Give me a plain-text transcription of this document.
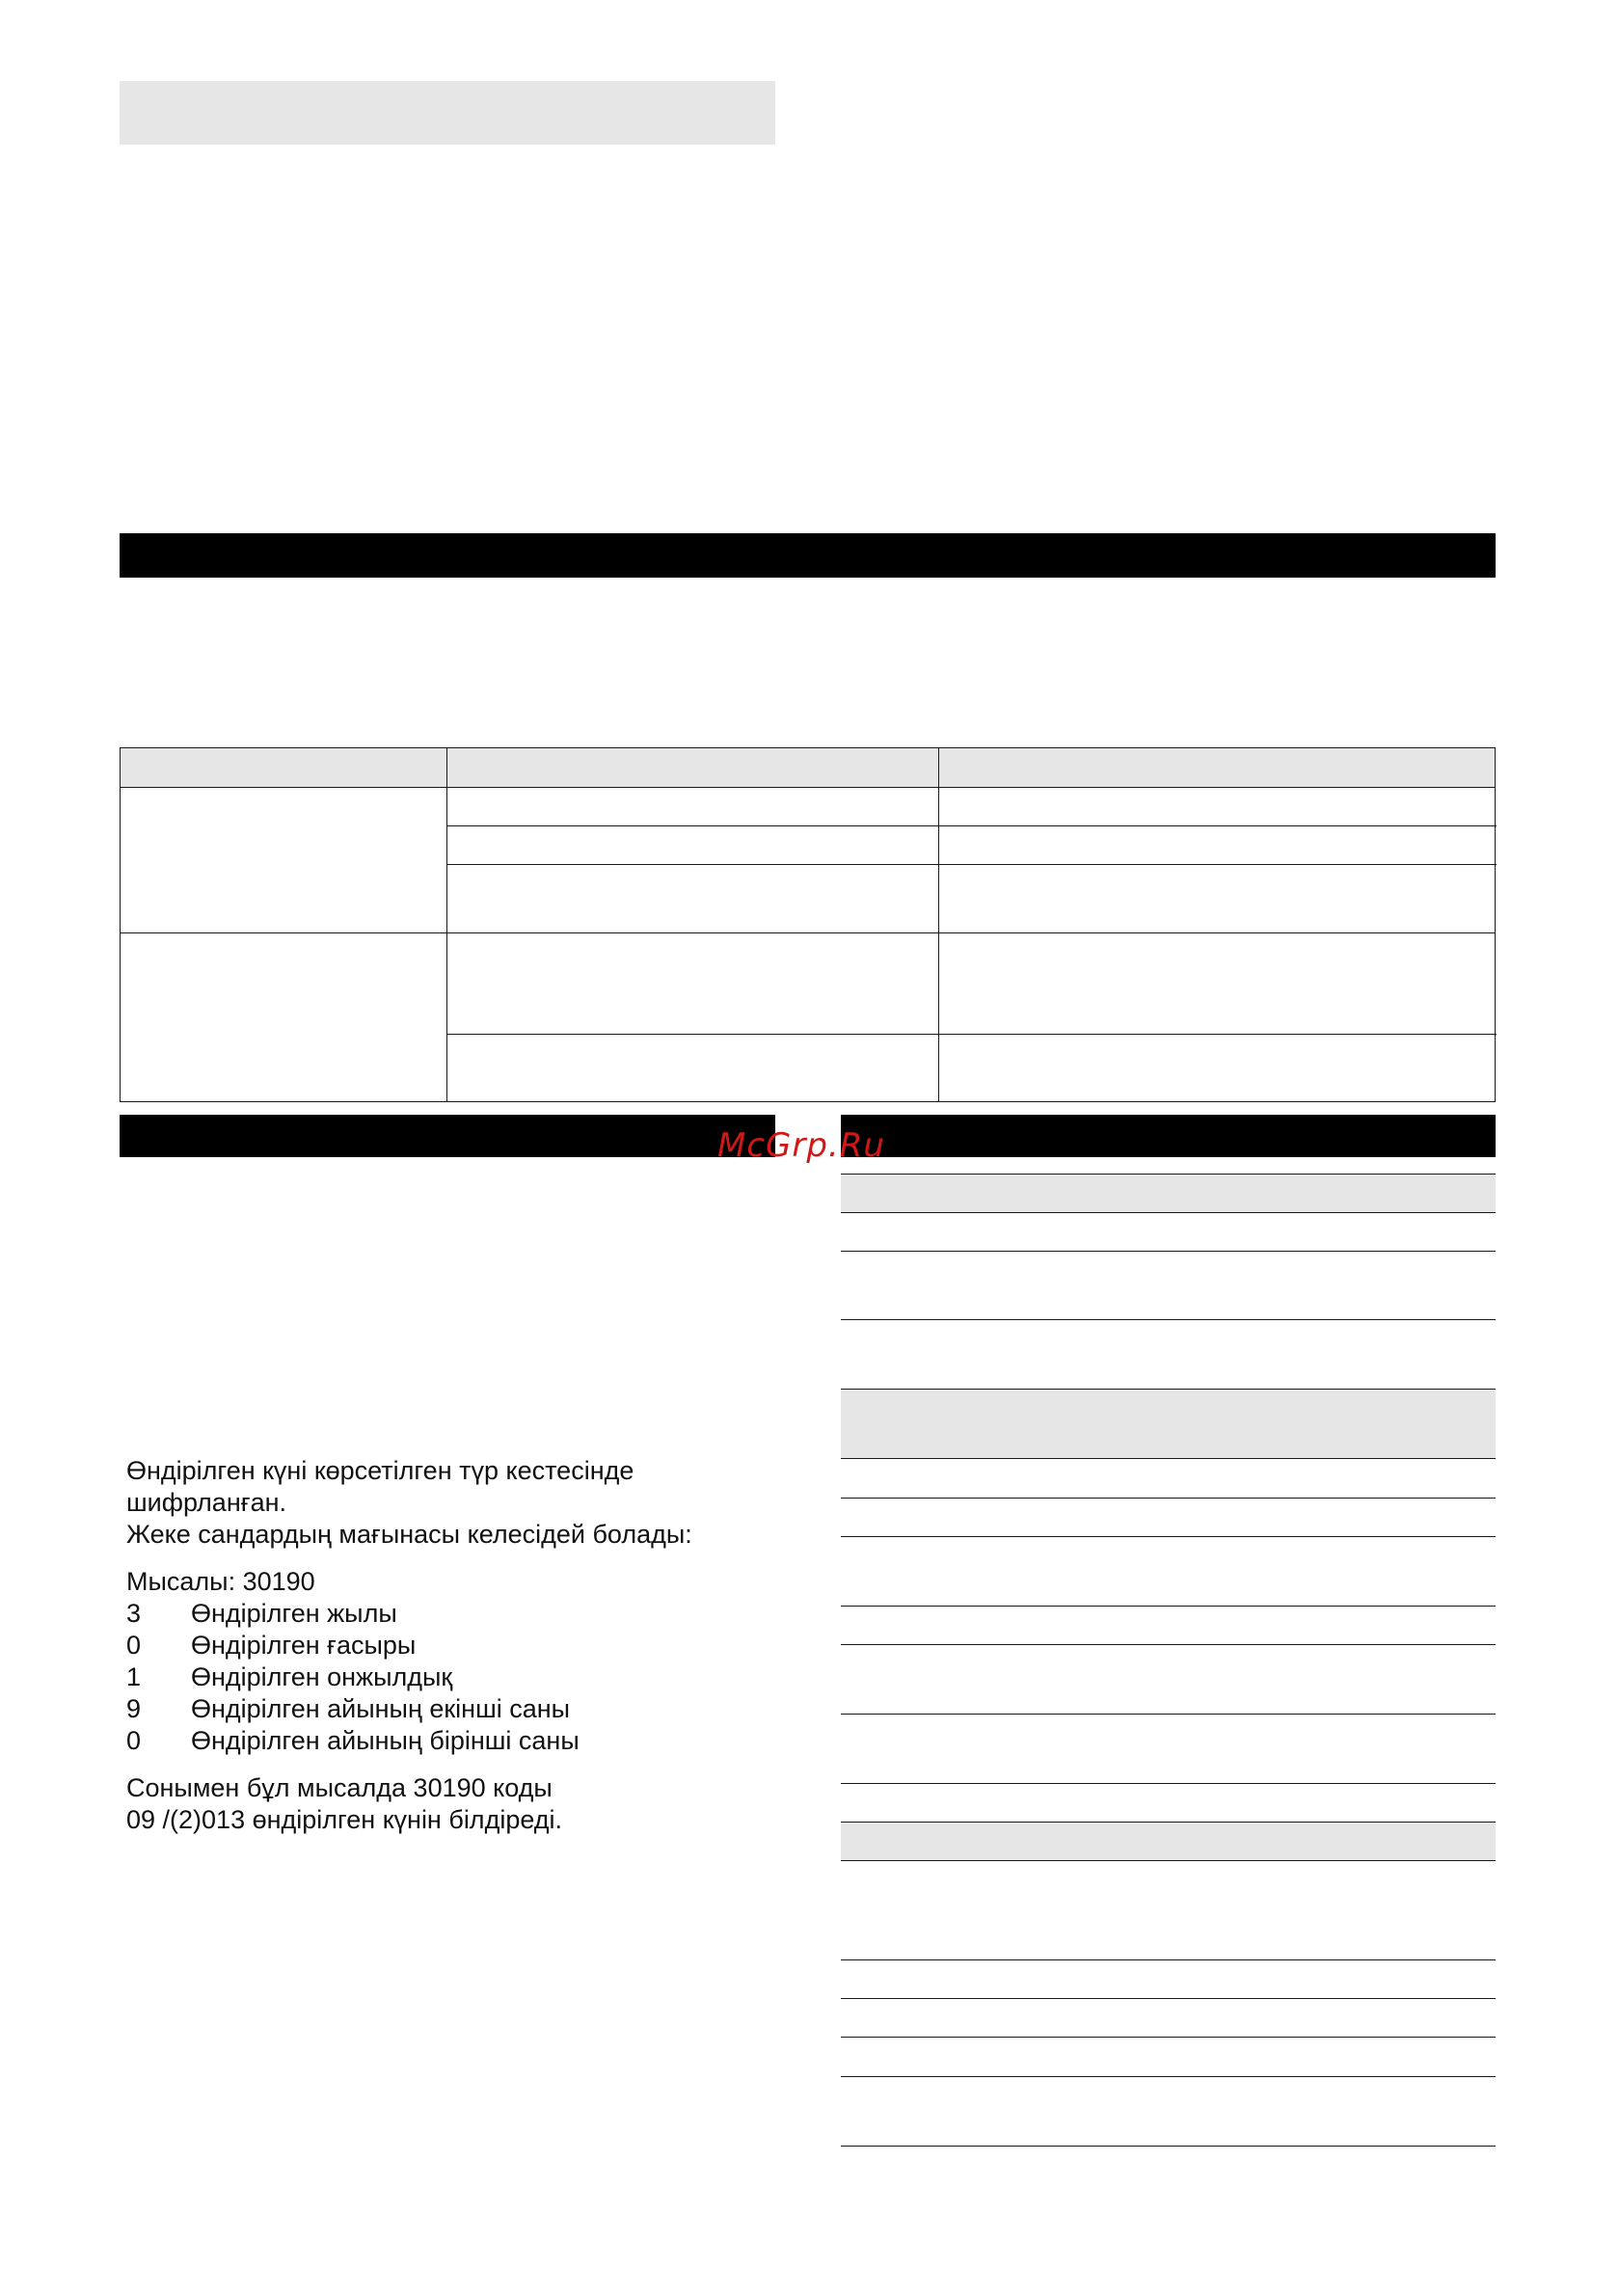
McGrp.Ru
Өндірілген күні көрсетілген түр кестесінде
шифрланған.
Жеке сандардың мағынасы келесідей болады:
Мысалы: 30190
3	Өндірілген жылы
0	Өндірілген ғасыры
1	Өндірілген онжылдық
9	Өндірілген айының екінші саны
0	Өндірілген айының бірінші саны
Сонымен бұл мысалда 30190 коды
09 /(2)013 өндірілген күнін білдіреді.
